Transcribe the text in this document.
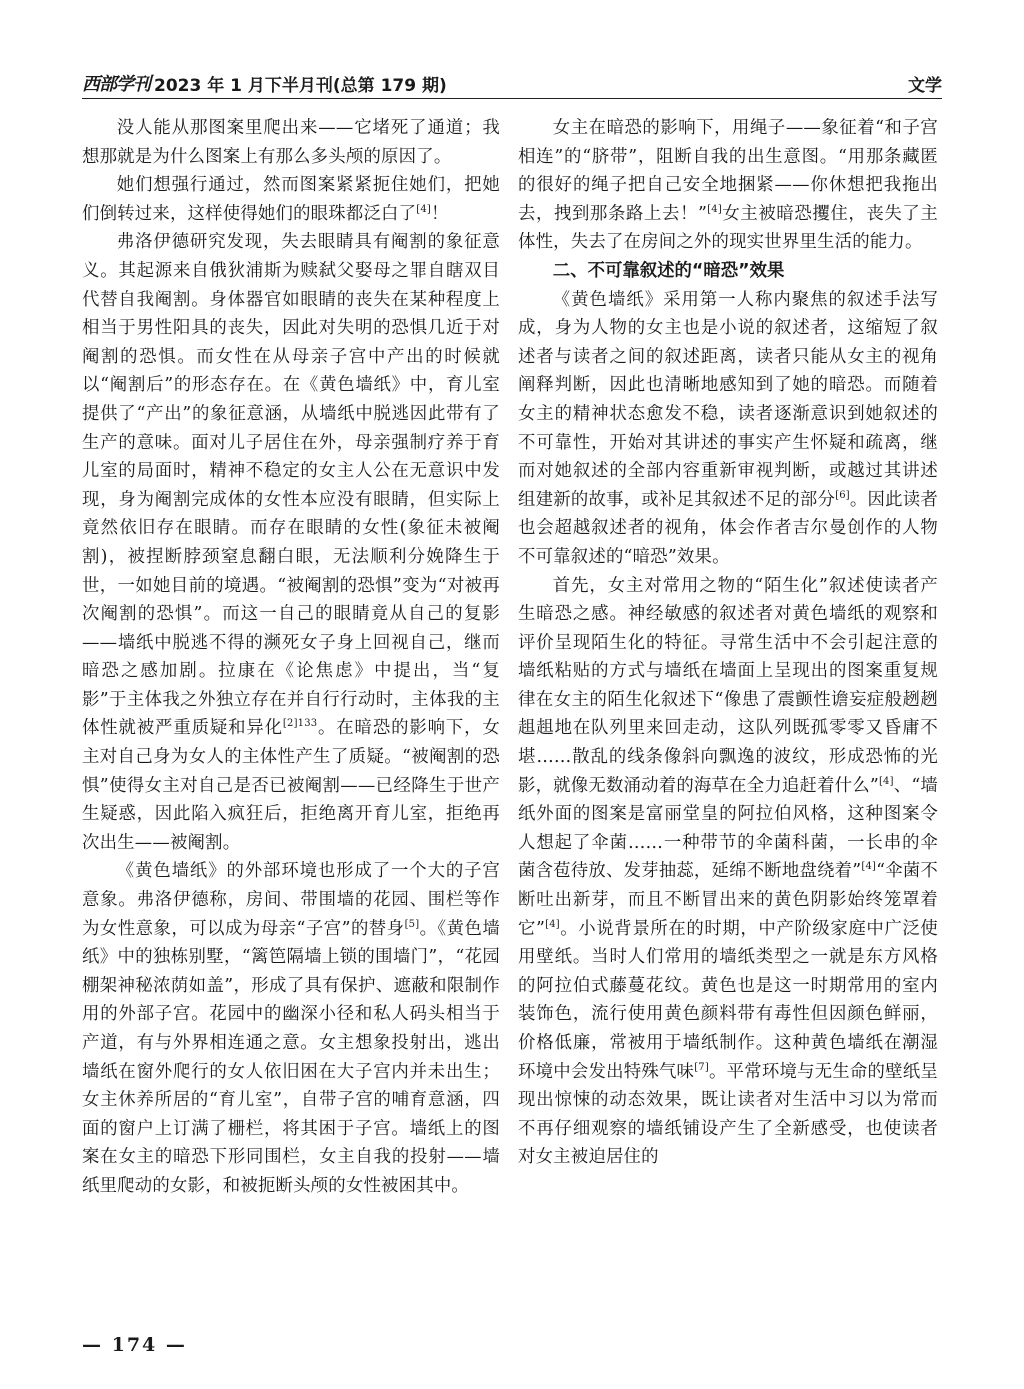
西部学刊 2023 年 1 月下半月刊(总第 179 期)	文学

没人能从那图案里爬出来——它堵死了通道；我想那就是为什么图案上有那么多头颅的原因了。

她们想强行通过，然而图案紧紧扼住她们，把她们倒转过来，这样使得她们的眼珠都泛白了[4]！

弗洛伊德研究发现，失去眼睛具有阉割的象征意义。其起源来自俄狄浦斯为赎弑父娶母之罪自瞎双目代替自我阉割。身体器官如眼睛的丧失在某种程度上相当于男性阳具的丧失，因此对失明的恐惧几近于对阉割的恐惧。而女性在从母亲子宫中产出的时候就以“阉割后”的形态存在。在《黄色墙纸》中，育儿室提供了“产出”的象征意涵，从墙纸中脱逃因此带有了生产的意味。面对儿子居住在外，母亲强制疗养于育儿室的局面时，精神不稳定的女主人公在无意识中发现，身为阉割完成体的女性本应没有眼睛，但实际上竟然依旧存在眼睛。而存在眼睛的女性(象征未被阉割)，被捏断脖颈窒息翻白眼，无法顺利分娩降生于世，一如她目前的境遇。“被阉割的恐惧”变为“对被再次阉割的恐惧”。而这一自己的眼睛竟从自己的复影——墙纸中脱逃不得的濒死女子身上回视自己，继而暗恐之感加剧。拉康在《论焦虑》中提出，当“复影”于主体我之外独立存在并自行行动时，主体我的主体性就被严重质疑和异化$^{[2]133}$。在暗恐的影响下，女主对自己身为女人的主体性产生了质疑。“被阉割的恐惧”使得女主对自己是否已被阉割——已经降生于世产生疑惑，因此陷入疯狂后，拒绝离开育儿室，拒绝再次出生——被阉割。

《黄色墙纸》的外部环境也形成了一个大的子宫意象。弗洛伊德称，房间、带围墙的花园、围栏等作为女性意象，可以成为母亲“子宫”的替身[5]。《黄色墙纸》中的独栋别墅，“篱笆隔墙上锁的围墙门”，“花园棚架神秘浓荫如盖”，形成了具有保护、遮蔽和限制作用的外部子宫。花园中的幽深小径和私人码头相当于产道，有与外界相连通之意。女主想象投射出，逃出墙纸在窗外爬行的女人依旧困在大子宫内并未出生；女主休养所居的“育儿室”，自带子宫的哺育意涵，四面的窗户上订满了栅栏，将其困于子宫。墙纸上的图案在女主的暗恐下形同围栏，女主自我的投射——墙纸里爬动的女影，和被扼断头颅的女性被困其中。

女主在暗恐的影响下，用绳子——象征着“和子宫相连”的“脐带”，阻断自我的出生意图。“用那条藏匿的很好的绳子把自己安全地捆紧——你休想把我拖出去，拽到那条路上去！”[4]女主被暗恐攫住，丧失了主体性，失去了在房间之外的现实世界里生活的能力。

二、不可靠叙述的“暗恐”效果

《黄色墙纸》采用第一人称内聚焦的叙述手法写成，身为人物的女主也是小说的叙述者，这缩短了叙述者与读者之间的叙述距离，读者只能从女主的视角阐释判断，因此也清晰地感知到了她的暗恐。而随着女主的精神状态愈发不稳，读者逐渐意识到她叙述的不可靠性，开始对其讲述的事实产生怀疑和疏离，继而对她叙述的全部内容重新审视判断，或越过其讲述组建新的故事，或补足其叙述不足的部分[6]。因此读者也会超越叙述者的视角，体会作者吉尔曼创作的人物不可靠叙述的“暗恐”效果。

首先，女主对常用之物的“陌生化”叙述使读者产生暗恐之感。神经敏感的叙述者对黄色墙纸的观察和评价呈现陌生化的特征。寻常生活中不会引起注意的墙纸粘贴的方式与墙纸在墙面上呈现出的图案重复规律在女主的陌生化叙述下“像患了震颤性谵妄症般趔趔趄趄地在队列里来回走动，这队列既孤零零又昏庸不堪……散乱的线条像斜向飘逸的波纹，形成恐怖的光影，就像无数涌动着的海草在全力追赶着什么”[4]、“墙纸外面的图案是富丽堂皇的阿拉伯风格，这种图案令人想起了伞菌……一种带节的伞菌科菌，一长串的伞菌含苞待放、发芽抽蕊，延绵不断地盘绕着”[4]“伞菌不断吐出新芽，而且不断冒出来的黄色阴影始终笼罩着它”[4]。小说背景所在的时期，中产阶级家庭中广泛使用壁纸。当时人们常用的墙纸类型之一就是东方风格的阿拉伯式藤蔓花纹。黄色也是这一时期常用的室内装饰色，流行使用黄色颜料带有毒性但因颜色鲜丽，价格低廉，常被用于墙纸制作。这种黄色墙纸在潮湿环境中会发出特殊气味[7]。平常环境与无生命的壁纸呈现出惊悚的动态效果，既让读者对生活中习以为常而不再仔细观察的墙纸铺设产生了全新感受，也使读者对女主被迫居住的

— 174 —
